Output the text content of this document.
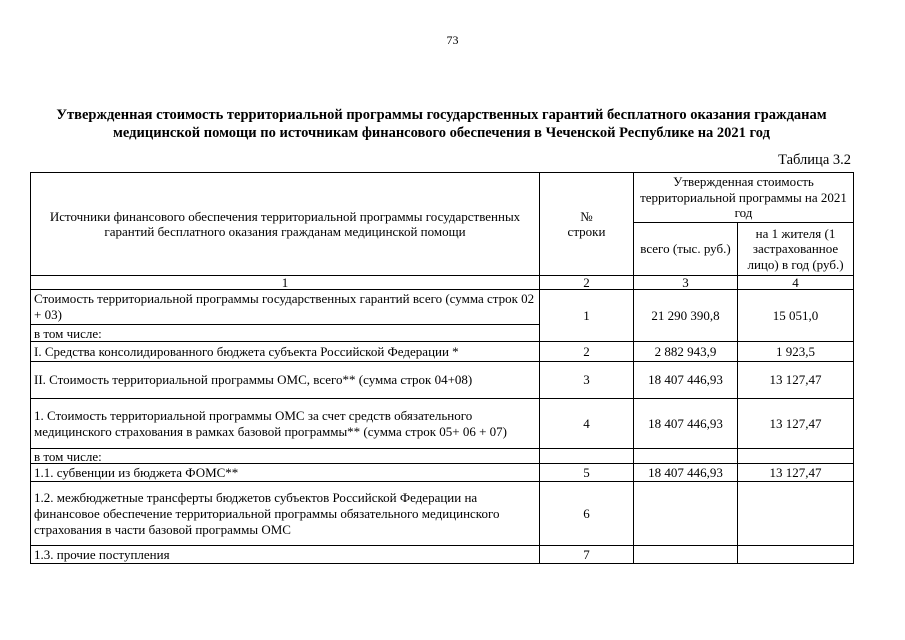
73
Утвержденная стоимость территориальной программы государственных гарантий бесплатного оказания гражданам
медицинской помощи по источникам финансового обеспечения в Чеченской Республике на 2021 год
Таблица 3.2
Источники финансового обеспечения территориальной программы государственных гарантий бесплатного оказания гражданам медицинской помощи	№ строки	Утвержденная стоимость территориальной программы на 2021 год	
		всего (тыс. руб.)	на 1 жителя (1 застрахованное лицо) в год (руб.)
1	2	3	4
Стоимость территориальной программы государственных гарантий всего (сумма строк 02 + 03)	1	21 290 390,8	15 051,0
в том числе:			
I. Средства консолидированного бюджета субъекта Российской Федерации *	2	2 882 943,9	1 923,5
II. Стоимость территориальной программы ОМС, всего** (сумма строк 04+08)	3	18 407 446,93	13 127,47
1. Стоимость территориальной программы ОМС за счет средств обязательного медицинского страхования в рамках базовой программы** (сумма строк 05+ 06 + 07)	4	18 407 446,93	13 127,47
в том числе:			
1.1. субвенции из бюджета ФОМС**	5	18 407 446,93	13 127,47
1.2. межбюджетные трансферты бюджетов субъектов Российской Федерации на финансовое обеспечение территориальной программы обязательного медицинского страхования в части базовой программы ОМС	6		
1.3. прочие поступления	7		
